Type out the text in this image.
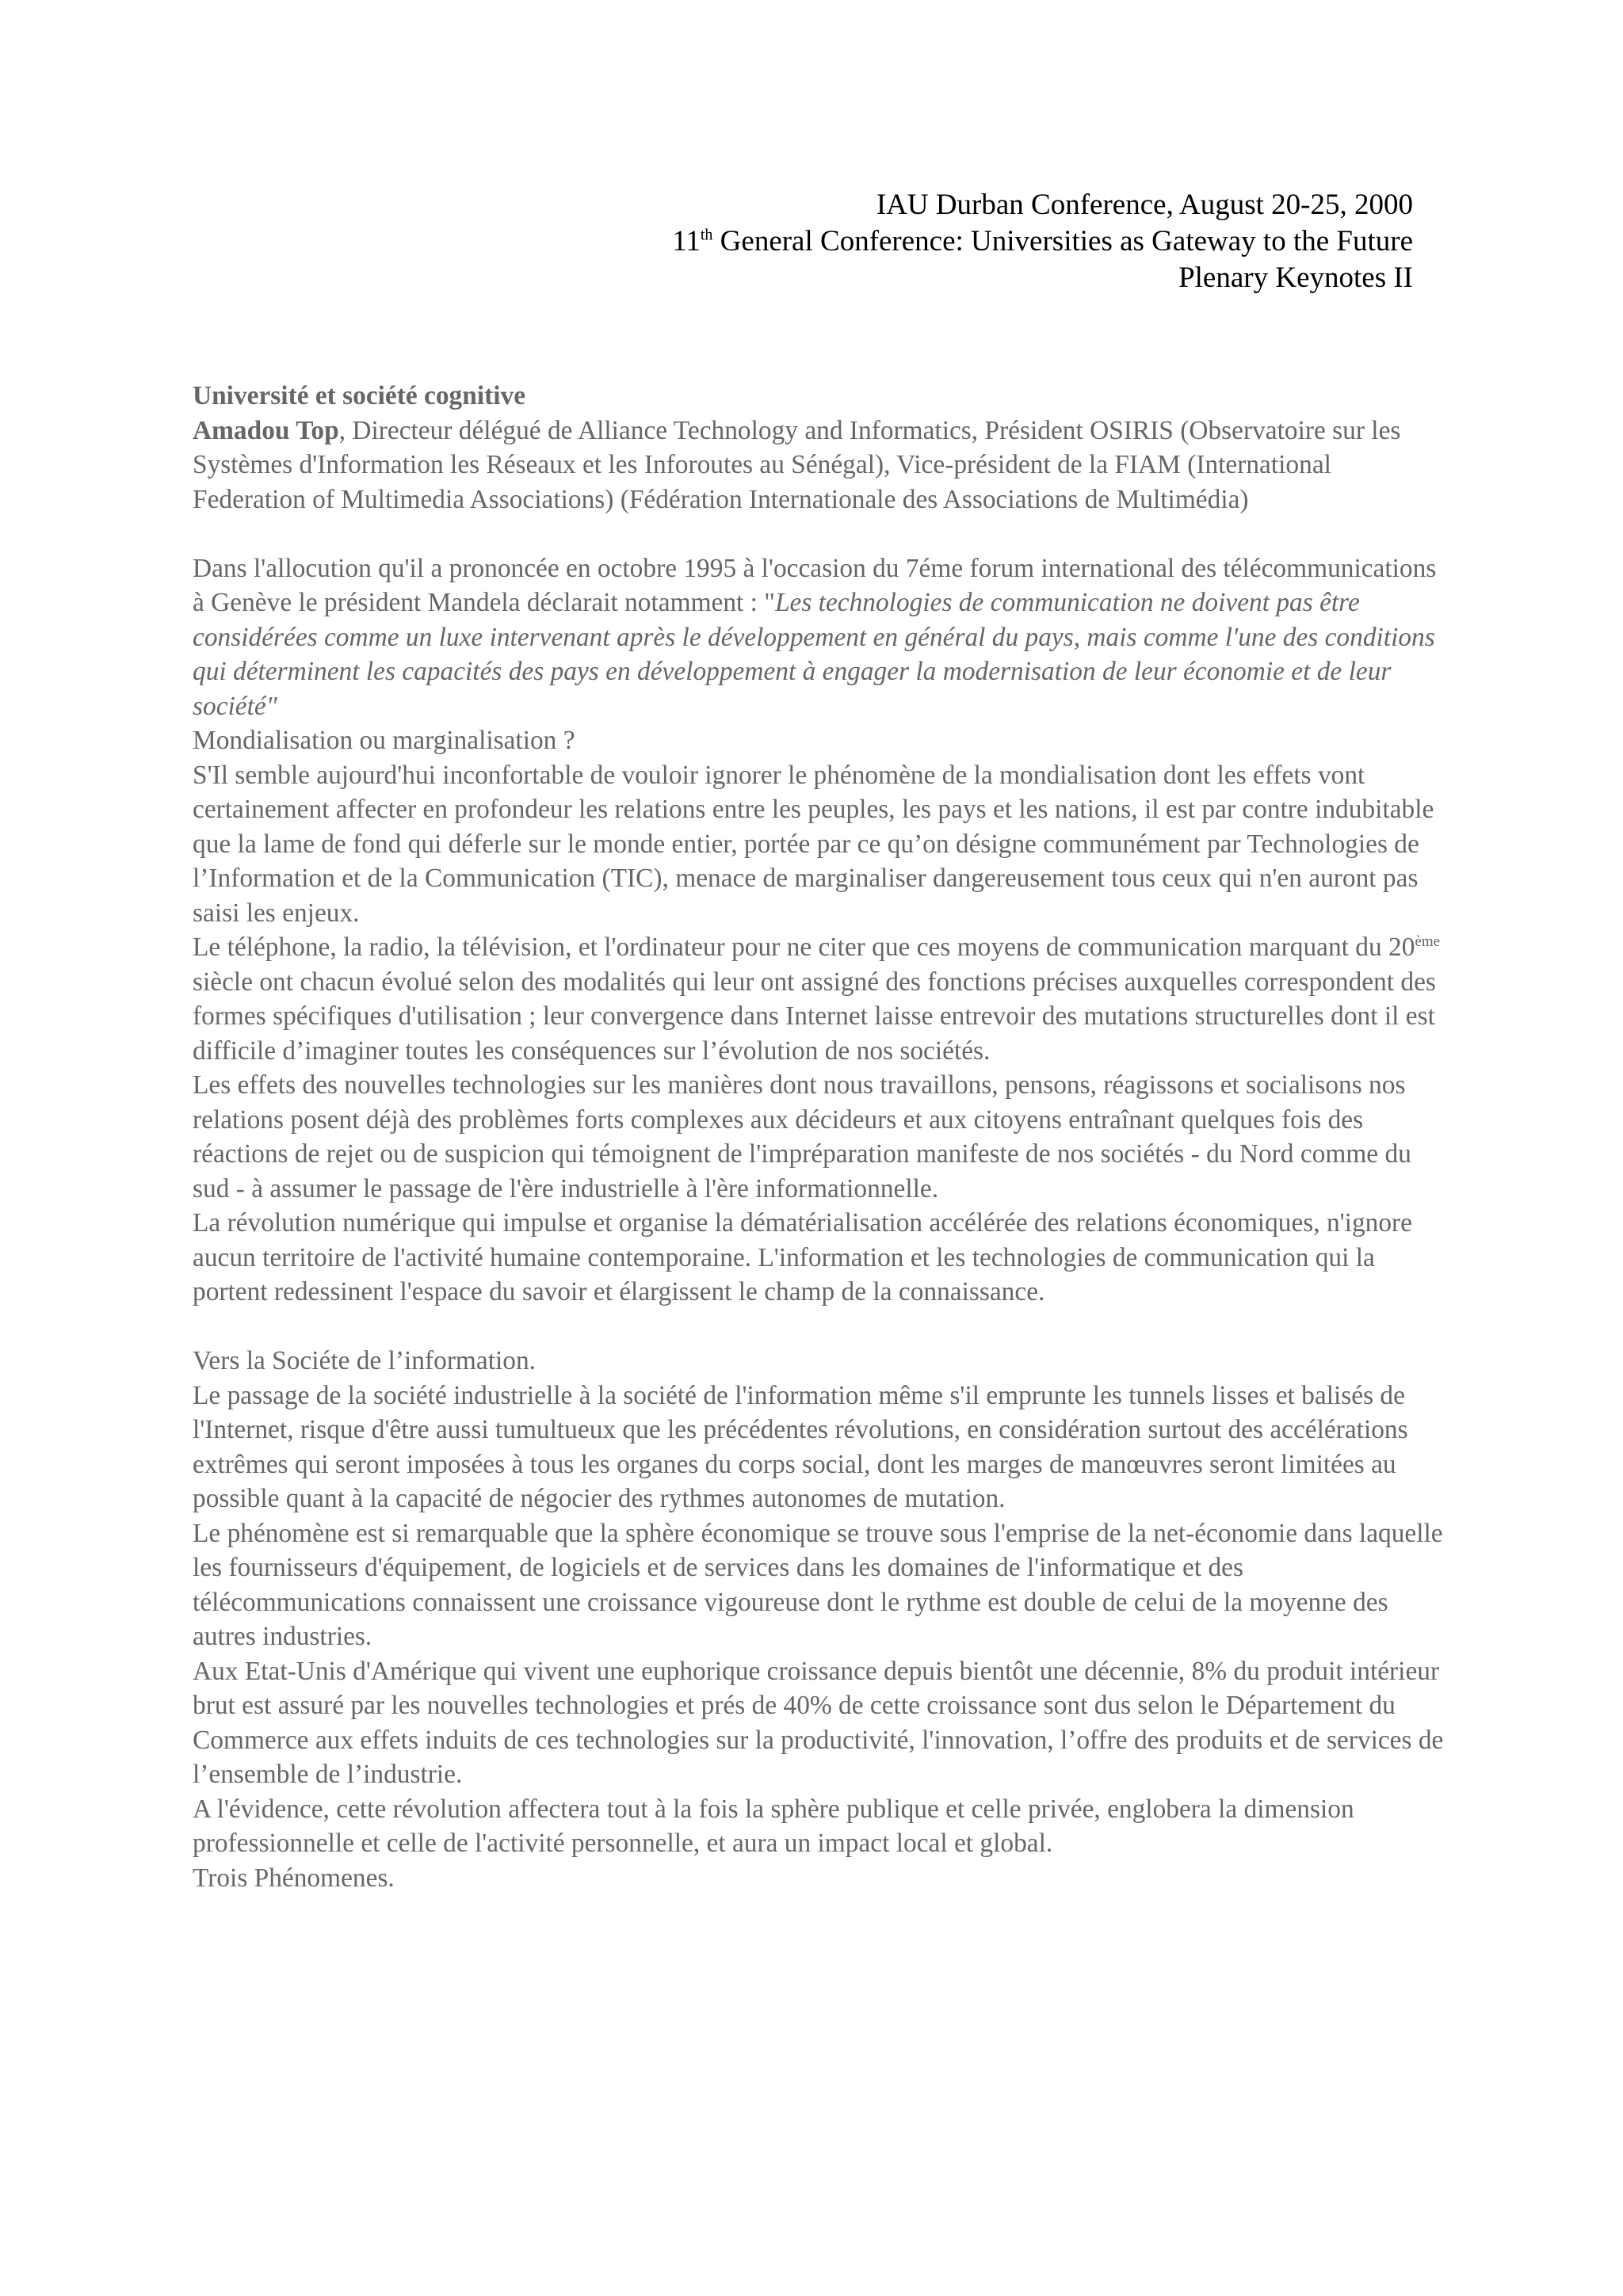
IAU Durban Conference, August 20-25, 2000
11th General Conference: Universities as Gateway to the Future
Plenary Keynotes II

Université et société cognitive

Amadou Top, Directeur délégué de Alliance Technology and Informatics, Président OSIRIS (Observatoire sur les Systèmes d'Information les Réseaux et les Inforoutes au Sénégal), Vice-président de la FIAM (International Federation of Multimedia Associations) (Fédération Internationale des Associations de Multimédia)

Dans l'allocution qu'il a prononcée en octobre 1995 à l'occasion du 7éme forum international des télécommunications à Genève le président Mandela déclarait notamment : "Les technologies de communication ne doivent pas être considérées comme un luxe intervenant après le développement en général du pays, mais comme l'une des conditions qui déterminent les capacités des pays en développement à engager la modernisation de leur économie et de leur société"

Mondialisation ou marginalisation ?

S'Il semble aujourd'hui inconfortable de vouloir ignorer le phénomène de la mondialisation dont les effets vont certainement affecter en profondeur les relations entre les peuples, les pays et les nations, il est par contre indubitable que la lame de fond qui déferle sur le monde entier, portée par ce qu’on désigne communément par Technologies de l’Information et de la Communication (TIC), menace de marginaliser dangereusement tous ceux qui n'en auront pas saisi les enjeux.

Le téléphone, la radio, la télévision, et l'ordinateur pour ne citer que ces moyens de communication marquant du 20ème siècle ont chacun évolué selon des modalités qui leur ont assigné des fonctions précises auxquelles correspondent des formes spécifiques d'utilisation ; leur convergence dans Internet laisse entrevoir des mutations structurelles dont il est difficile d’imaginer toutes les conséquences sur l’évolution de nos sociétés.

Les effets des nouvelles technologies sur les manières dont nous travaillons, pensons, réagissons et socialisons nos relations posent déjà des problèmes forts complexes aux décideurs et aux citoyens entraînant quelques fois des réactions de rejet ou de suspicion qui témoignent de l'impréparation manifeste de nos sociétés - du Nord comme du sud - à assumer le passage de l'ère industrielle à l'ère informationnelle.

La révolution numérique qui impulse et organise la dématérialisation accélérée des relations économiques, n'ignore aucun territoire de l'activité humaine contemporaine. L'information et les technologies de communication qui la portent redessinent l'espace du savoir et élargissent le champ de la connaissance.

Vers la Sociéte de l’information.

Le passage de la société industrielle à la société de l'information même s'il emprunte les tunnels lisses et balisés de l'Internet, risque d'être aussi tumultueux que les précédentes révolutions, en considération surtout des accélérations extrêmes qui seront imposées à tous les organes du corps social, dont les marges de manœuvres seront limitées au possible quant à la capacité de négocier des rythmes autonomes de mutation.

Le phénomène est si remarquable que la sphère économique se trouve sous l'emprise de la net-économie dans laquelle les fournisseurs d'équipement, de logiciels et de services dans les domaines de l'informatique et des télécommunications connaissent une croissance vigoureuse dont le rythme est double de celui de la moyenne des autres industries.

Aux Etat-Unis d'Amérique qui vivent une euphorique croissance depuis bientôt une décennie, 8% du produit intérieur brut est assuré par les nouvelles technologies et prés de 40% de cette croissance sont dus selon le Département du Commerce aux effets induits de ces technologies sur la productivité, l'innovation, l’offre des produits et de services de l’ensemble de l’industrie.

A l'évidence, cette révolution affectera tout à la fois la sphère publique et celle privée, englobera la dimension professionnelle et celle de l'activité personnelle, et aura un impact local et global.

Trois Phénomenes.
